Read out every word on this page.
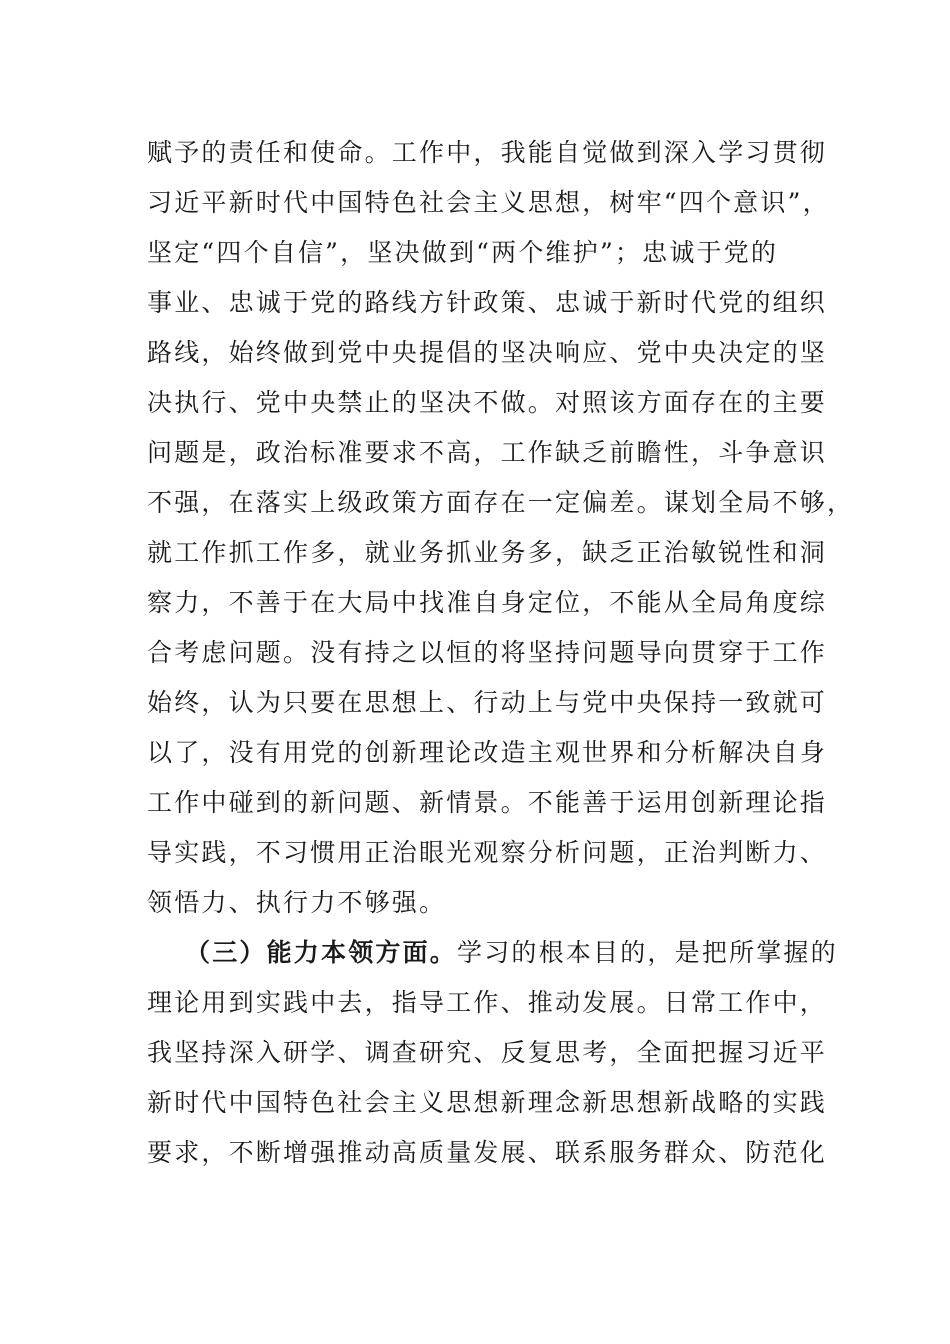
赋予的责任和使命。工作中，我能自觉做到深入学习贯彻
习近平新时代中国特色社会主义思想，树牢“四个意识”，
坚定“四个自信”，坚决做到“两个维护”；忠诚于党的
事业、忠诚于党的路线方针政策、忠诚于新时代党的组织
路线，始终做到党中央提倡的坚决响应、党中央决定的坚
决执行、党中央禁止的坚决不做。对照该方面存在的主要
问题是，政治标准要求不高，工作缺乏前瞻性，斗争意识
不强，在落实上级政策方面存在一定偏差。谋划全局不够，
就工作抓工作多，就业务抓业务多，缺乏正治敏锐性和洞
察力，不善于在大局中找准自身定位，不能从全局角度综
合考虑问题。没有持之以恒的将坚持问题导向贯穿于工作
始终，认为只要在思想上、行动上与党中央保持一致就可
以了，没有用党的创新理论改造主观世界和分析解决自身
工作中碰到的新问题、新情景。不能善于运用创新理论指
导实践，不习惯用正治眼光观察分析问题，正治判断力、
领悟力、执行力不够强。
（三）能力本领方面。学习的根本目的，是把所掌握的
理论用到实践中去，指导工作、推动发展。日常工作中，
我坚持深入研学、调查研究、反复思考，全面把握习近平
新时代中国特色社会主义思想新理念新思想新战略的实践
要求，不断增强推动高质量发展、联系服务群众、防范化
